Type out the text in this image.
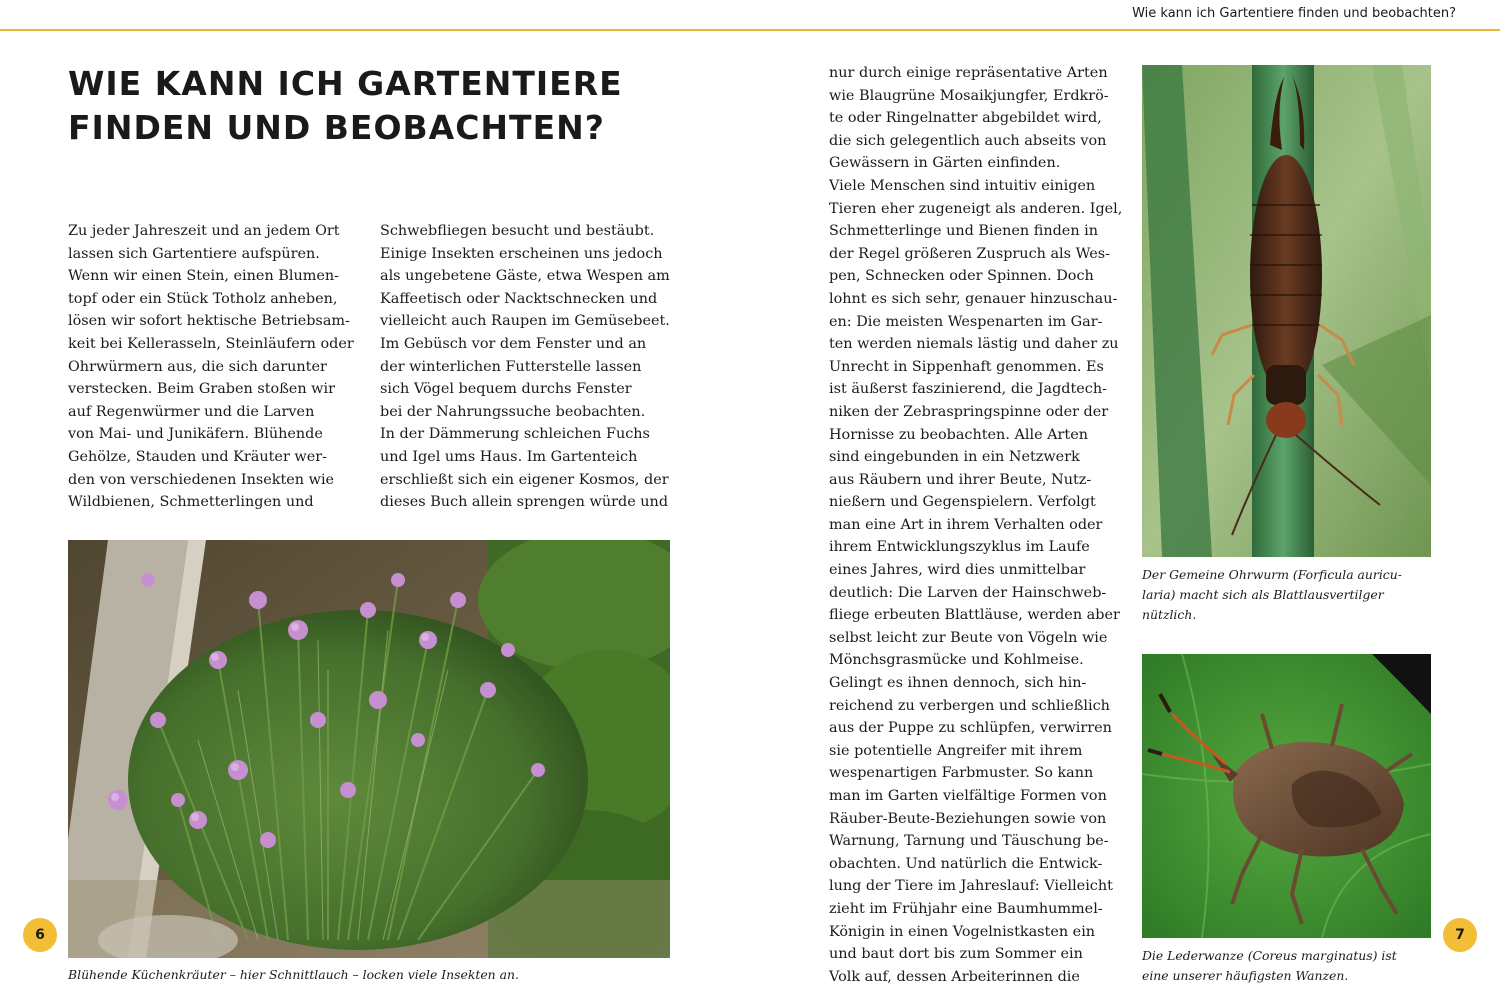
Wie kann ich Gartentiere finden und beobachten?
WIE KANN ICH GARTENTIERE
FINDEN UND BEOBACHTEN?
Zu jeder Jahreszeit und an jedem Ort
lassen sich Gartentiere aufspüren.
Wenn wir einen Stein, einen Blumen-
topf oder ein Stück Totholz anheben,
lösen wir sofort hektische Betriebsam-
keit bei Kellerasseln, Steinläufern oder
Ohrwürmern aus, die sich darunter
verstecken. Beim Graben stoßen wir
auf Regenwürmer und die Larven
von Mai- und Junikäfern. Blühende
Gehölze, Stauden und Kräuter wer-
den von verschiedenen Insekten wie
Wildbienen, Schmetterlingen und
Schwebfliegen besucht und bestäubt.
Einige Insekten erscheinen uns jedoch
als ungebetene Gäste, etwa Wespen am
Kaffeetisch oder Nacktschnecken und
vielleicht auch Raupen im Gemüsebeet.
Im Gebüsch vor dem Fenster und an
der winterlichen Futterstelle lassen
sich Vögel bequem durchs Fenster
bei der Nahrungssuche beobachten.
In der Dämmerung schleichen Fuchs
und Igel ums Haus. Im Gartenteich
erschließt sich ein eigener Kosmos, der
dieses Buch allein sprengen würde und
nur durch einige repräsentative Arten
wie Blaugrüne Mosaikjungfer, Erdkrö-
te oder Ringelnatter abgebildet wird,
die sich gelegentlich auch abseits von
Gewässern in Gärten einfinden.
Viele Menschen sind intuitiv einigen
Tieren eher zugeneigt als anderen. Igel,
Schmetterlinge und Bienen finden in
der Regel größeren Zuspruch als Wes-
pen, Schnecken oder Spinnen. Doch
lohnt es sich sehr, genauer hinzuschau-
en: Die meisten Wespenarten im Gar-
ten werden niemals lästig und daher zu
Unrecht in Sippenhaft genommen. Es
ist äußerst faszinierend, die Jagdtech-
niken der Zebraspringspinne oder der
Hornisse zu beobachten. Alle Arten
sind eingebunden in ein Netzwerk
aus Räubern und ihrer Beute, Nutz-
nießern und Gegenspielern. Verfolgt
man eine Art in ihrem Verhalten oder
ihrem Entwicklungszyklus im Laufe
eines Jahres, wird dies unmittelbar
deutlich: Die Larven der Hainschweb-
fliege erbeuten Blattläuse, werden aber
selbst leicht zur Beute von Vögeln wie
Mönchsgrasmücke und Kohlmeise.
Gelingt es ihnen dennoch, sich hin-
reichend zu verbergen und schließlich
aus der Puppe zu schlüpfen, verwirren
sie potentielle Angreifer mit ihrem
wespenartigen Farbmuster. So kann
man im Garten vielfältige Formen von
Räuber-Beute-Beziehungen sowie von
Warnung, Tarnung und Täuschung be-
obachten. Und natürlich die Entwick-
lung der Tiere im Jahreslauf: Vielleicht
zieht im Frühjahr eine Baumhummel-
Königin in einen Vogelnistkasten ein
und baut dort bis zum Sommer ein
Volk auf, dessen Arbeiterinnen die

Blühende Küchenkräuter – hier Schnittlauch – locken viele Insekten an.

Der Gemeine Ohrwurm (Forficula auricu-
laria) macht sich als Blattlausvertilger
nützlich.

Die Lederwanze (Coreus marginatus) ist
eine unserer häufigsten Wanzen.

6	7
